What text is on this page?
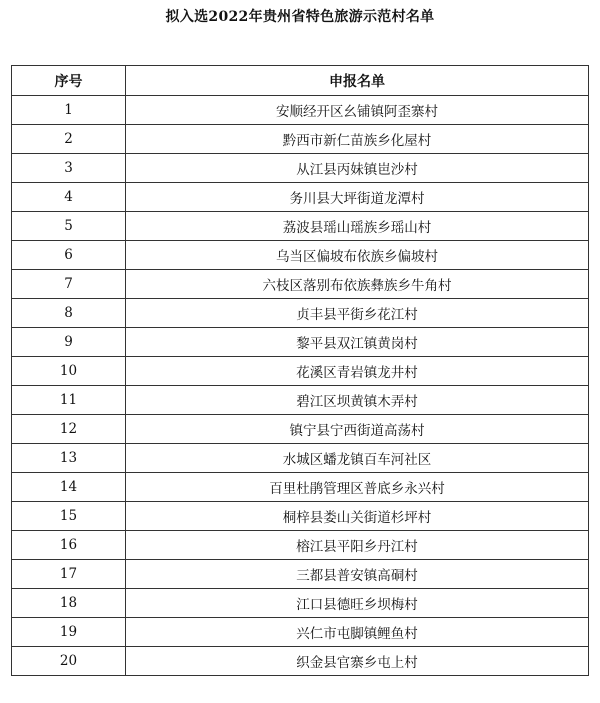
拟入选2022年贵州省特色旅游示范村名单
序号	申报名单
1	安顺经开区幺铺镇阿歪寨村
2	黔西市新仁苗族乡化屋村
3	从江县丙妹镇岜沙村
4	务川县大坪街道龙潭村
5	荔波县瑶山瑶族乡瑶山村
6	乌当区偏坡布依族乡偏坡村
7	六枝区落别布依族彝族乡牛角村
8	贞丰县平街乡花江村
9	黎平县双江镇黄岗村
10	花溪区青岩镇龙井村
11	碧江区坝黄镇木弄村
12	镇宁县宁西街道高荡村
13	水城区蟠龙镇百车河社区
14	百里杜鹃管理区普底乡永兴村
15	桐梓县娄山关街道杉坪村
16	榕江县平阳乡丹江村
17	三都县普安镇高硐村
18	江口县德旺乡坝梅村
19	兴仁市屯脚镇鲤鱼村
20	织金县官寨乡屯上村
